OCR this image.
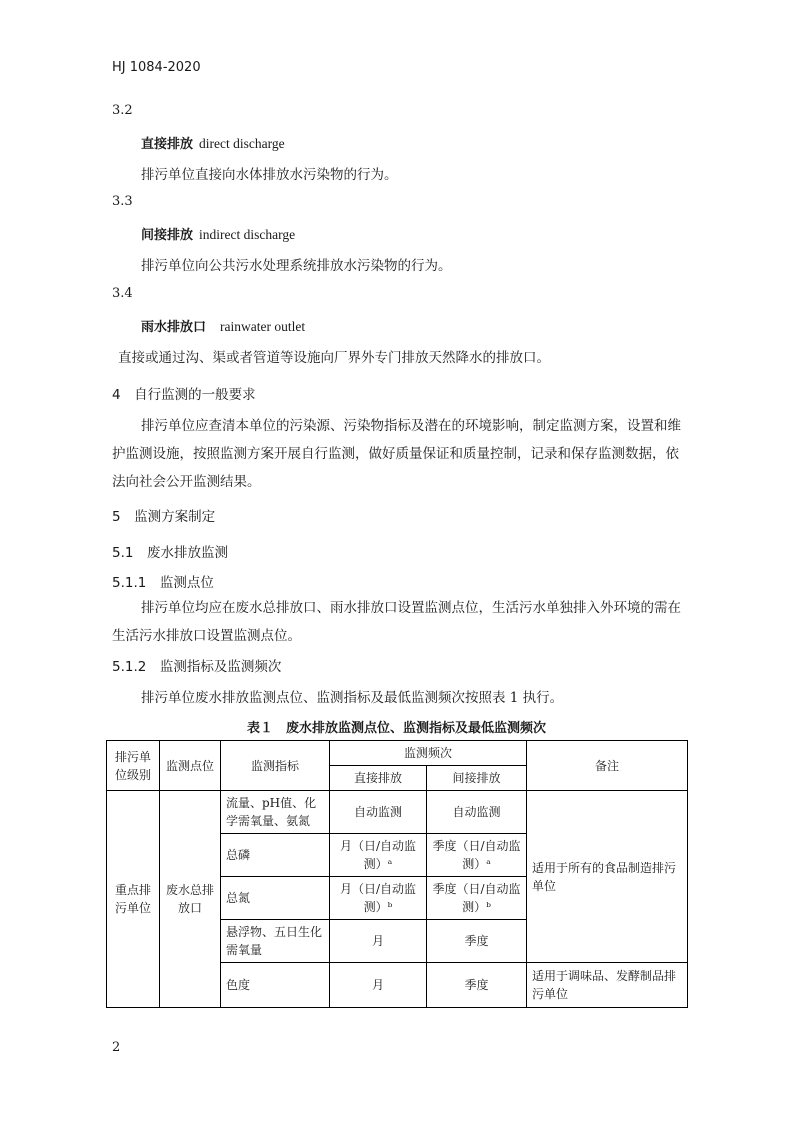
HJ 1084-2020
3.2
直接排放 direct discharge
排污单位直接向水体排放水污染物的行为。
3.3
间接排放 indirect discharge
排污单位向公共污水处理系统排放水污染物的行为。
3.4
雨水排放口 rainwater outlet
直接或通过沟、渠或者管道等设施向厂界外专门排放天然降水的排放口。
4　自行监测的一般要求
排污单位应查清本单位的污染源、污染物指标及潜在的环境影响，制定监测方案，设置和维护监测设施，按照监测方案开展自行监测，做好质量保证和质量控制，记录和保存监测数据，依法向社会公开监测结果。
5　监测方案制定
5.1　废水排放监测
5.1.1　监测点位
排污单位均应在废水总排放口、雨水排放口设置监测点位，生活污水单独排入外环境的需在生活污水排放口设置监测点位。
5.1.2　监测指标及监测频次
排污单位废水排放监测点位、监测指标及最低监测频次按照表 1 执行。
表１　废水排放监测点位、监测指标及最低监测频次
排污单位级别	监测点位	监测指标	监测频次		备注
			直接排放	间接排放	
重点排污单位	废水总排放口	流量、pH值、化学需氧量、氨氮	自动监测	自动监测	适用于所有的食品制造排污单位
		总磷	月（日/自动监测）ᵃ	季度（日/自动监测）ᵃ	
		总氮	月（日/自动监测）ᵇ	季度（日/自动监测）ᵇ	
		悬浮物、五日生化需氧量	月	季度	
		色度	月	季度	适用于调味品、发酵制品排污单位
2
